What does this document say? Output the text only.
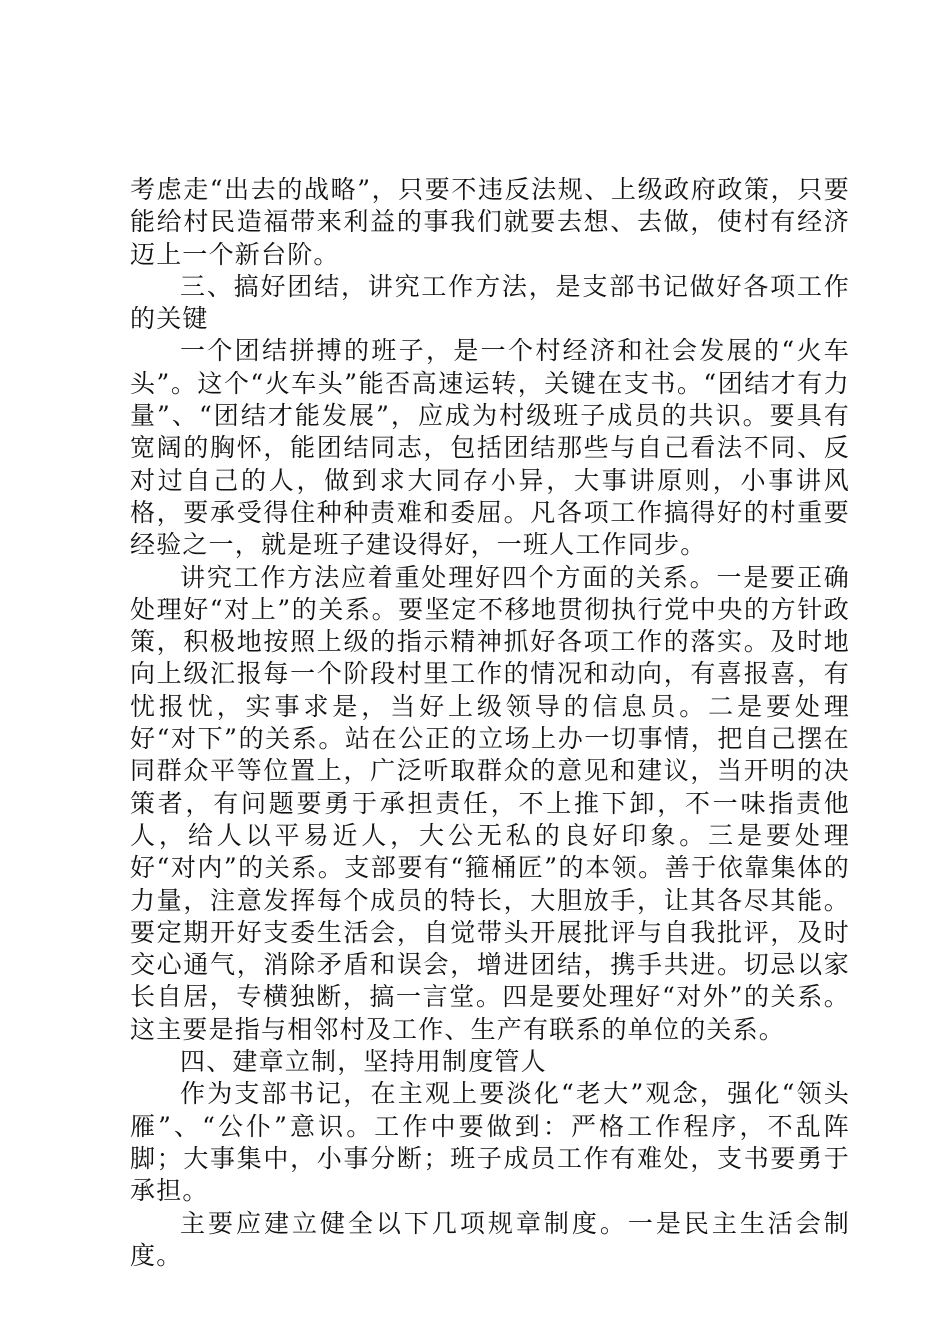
考虑走“出去的战略”，只要不违反法规、上级政府政策，只要能给村民造福带来利益的事我们就要去想、去做，使村有经济迈上一个新台阶。

三、搞好团结，讲究工作方法，是支部书记做好各项工作的关键

一个团结拼搏的班子，是一个村经济和社会发展的“火车头”。这个“火车头”能否高速运转，关键在支书。“团结才有力量”、“团结才能发展”，应成为村级班子成员的共识。要具有宽阔的胸怀，能团结同志，包括团结那些与自己看法不同、反对过自己的人，做到求大同存小异，大事讲原则，小事讲风格，要承受得住种种责难和委屈。凡各项工作搞得好的村重要经验之一，就是班子建设得好，一班人工作同步。

讲究工作方法应着重处理好四个方面的关系。一是要正确处理好“对上”的关系。要坚定不移地贯彻执行党中央的方针政策，积极地按照上级的指示精神抓好各项工作的落实。及时地向上级汇报每一个阶段村里工作的情况和动向，有喜报喜，有忧报忧，实事求是，当好上级领导的信息员。二是要处理好“对下”的关系。站在公正的立场上办一切事情，把自己摆在同群众平等位置上，广泛听取群众的意见和建议，当开明的决策者，有问题要勇于承担责任，不上推下卸，不一味指责他人，给人以平易近人，大公无私的良好印象。三是要处理好“对内”的关系。支部要有“箍桶匠”的本领。善于依靠集体的力量，注意发挥每个成员的特长，大胆放手，让其各尽其能。要定期开好支委生活会，自觉带头开展批评与自我批评，及时交心通气，消除矛盾和误会，增进团结，携手共进。切忌以家长自居，专横独断，搞一言堂。四是要处理好“对外”的关系。这主要是指与相邻村及工作、生产有联系的单位的关系。

四、建章立制，坚持用制度管人

作为支部书记，在主观上要淡化“老大”观念，强化“领头雁”、“公仆”意识。工作中要做到：严格工作程序，不乱阵脚；大事集中，小事分断；班子成员工作有难处，支书要勇于承担。

主要应建立健全以下几项规章制度。一是民主生活会制度。
